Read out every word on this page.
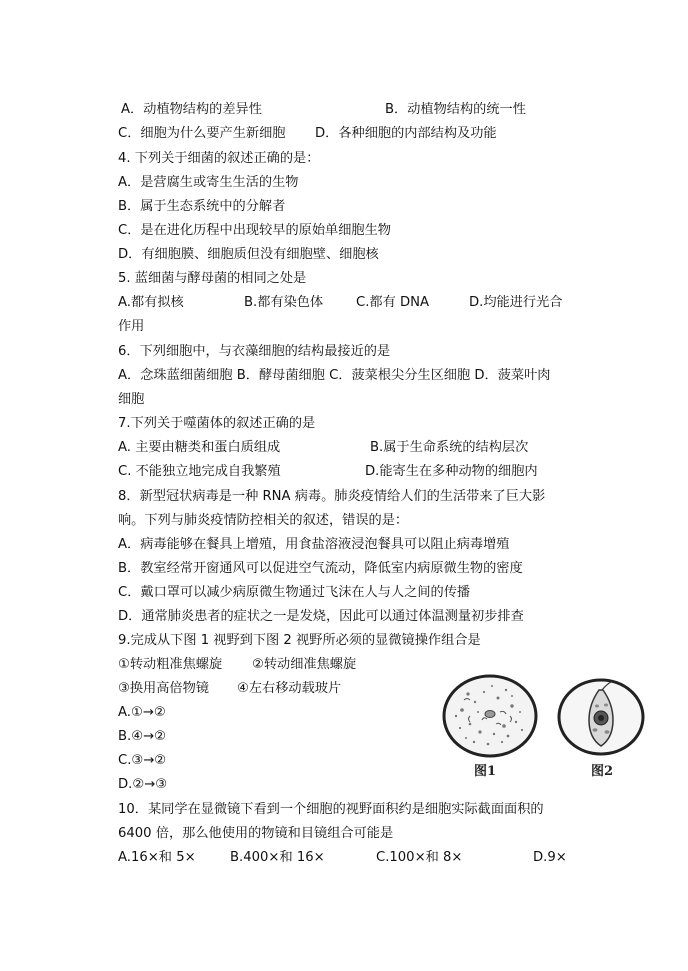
A．动植物结构的差异性	B．动植物结构的统一性
C．细胞为什么要产生新细胞 D．各种细胞的内部结构及功能
4. 下列关于细菌的叙述正确的是：
A．是营腐生或寄生生活的生物
B．属于生态系统中的分解者
C．是在进化历程中出现较早的原始单细胞生物
D．有细胞膜、细胞质但没有细胞壁、细胞核
5. 蓝细菌与酵母菌的相同之处是
A.都有拟核	B.都有染色体 C.都有 DNA	D.均能进行光合
作用
6．下列细胞中，与衣藻细胞的结构最接近的是
A．念珠蓝细菌细胞 B．酵母菌细胞 C．菠菜根尖分生区细胞 D．菠菜叶肉
细胞
7.下列关于噬菌体的叙述正确的是
A. 主要由糖类和蛋白质组成	B.属于生命系统的结构层次
C. 不能独立地完成自我繁殖	D.能寄生在多种动物的细胞内
8．新型冠状病毒是一种 RNA 病毒。肺炎疫情给人们的生活带来了巨大影
响。下列与肺炎疫情防控相关的叙述，错误的是：
A．病毒能够在餐具上增殖，用食盐溶液浸泡餐具可以阻止病毒增殖
B．教室经常开窗通风可以促进空气流动，降低室内病原微生物的密度
C．戴口罩可以减少病原微生物通过飞沫在人与人之间的传播
D．通常肺炎患者的症状之一是发烧，因此可以通过体温测量初步排查
9.完成从下图 1 视野到下图 2 视野所必须的显微镜操作组合是
①转动粗准焦螺旋 ②转动细准焦螺旋
③换用高倍物镜 ④左右移动载玻片
A.①→②
B.④→②
C.③→②
D.②→③
图1	图2
10．某同学在显微镜下看到一个细胞的视野面积约是细胞实际截面面积的
6400 倍，那么他使用的物镜和目镜组合可能是
A.16×和 5×	B.400×和 16×	C.100×和 8×	D.9×
